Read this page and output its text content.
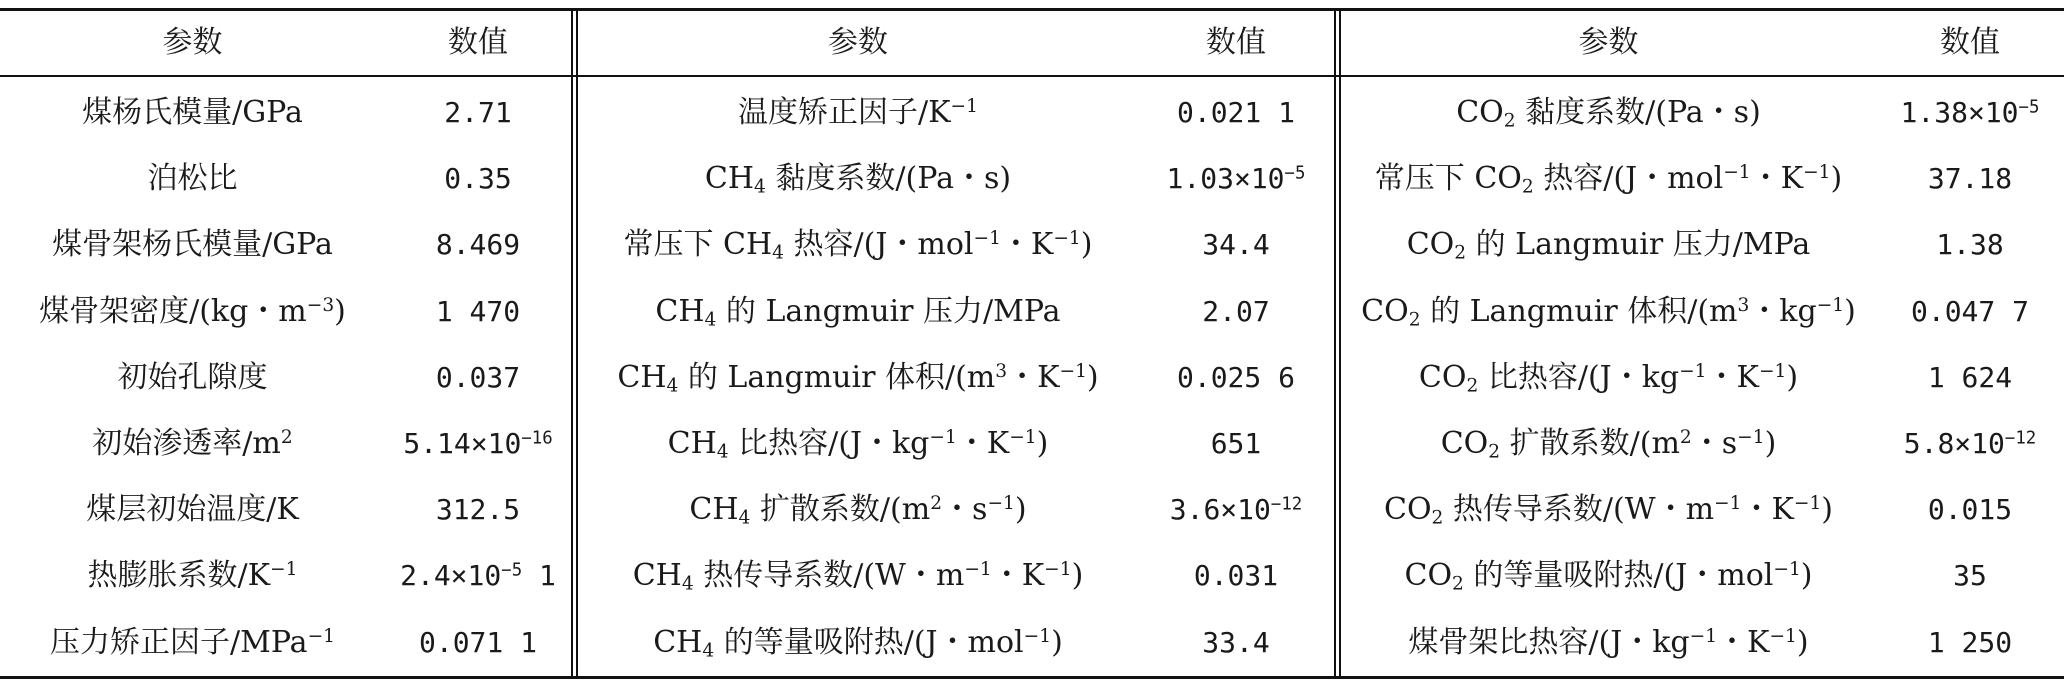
参数	数值
煤杨氏模量/GPa	2.71
泊松比	0.35
煤骨架杨氏模量/GPa	8.469
煤骨架密度/(kg・$m^{-3}$)	1 470
初始孔隙度	0.037
初始渗透率$/m^2$	$5.14\times 10^{-16}$
煤层初始温度/K	312.5
热膨胀系数$/K^{-1}$	$2.4\times 10^{-5}$ 1
压力矫正因子/MPa$^{-1}$	0.071 1
参数	数值
温度矫正因子$/K^{-1}$	0.021 1
$CH_4$ 黏度系数/(Pa・s)	$1.03\times 10^{-5}$
常压下 $CH_4$ 热容/(J・mol$^{-1}$・$K^{-1}$)	34.4
$CH_4$ 的 Langmuir 压力/MPa	2.07
$CH_4$ 的 Langmuir 体积$/(m^3$・$K^{-1}$)	0.025 6
$CH_4$ 比热容/(J・$kg^{-1}$・$K^{-1}$)	651
$CH_4$ 扩散系数$/(m^2$・$s^{-1}$)	$3.6\times 10^{-12}$
$CH_4$ 热传导系数/(W・$m^{-1}$・$K^{-1}$)	0.031
$CH_4$ 的等量吸附热/(J・mol$^{-1}$)	33.4
参数	数值
$CO_2$ 黏度系数/(Pa・s)	$1.38\times 10^{-5}$
常压下 $CO_2$ 热容/(J・mol$^{-1}$・$K^{-1}$)	37.18
$CO_2$ 的 Langmuir 压力/MPa	1.38
$CO_2$ 的 Langmuir 体积$/(m^3$・$kg^{-1}$)	0.047 7
$CO_2$ 比热容/(J・$kg^{-1}$・$K^{-1}$)	1 624
$CO_2$ 扩散系数$/(m^2$・$s^{-1}$)	$5.8\times 10^{-12}$
$CO_2$ 热传导系数/(W・$m^{-1}$・$K^{-1}$)	0.015
$CO_2$ 的等量吸附热/(J・mol$^{-1}$)	35
煤骨架比热容/(J・$kg^{-1}$・$K^{-1}$)	1 250
